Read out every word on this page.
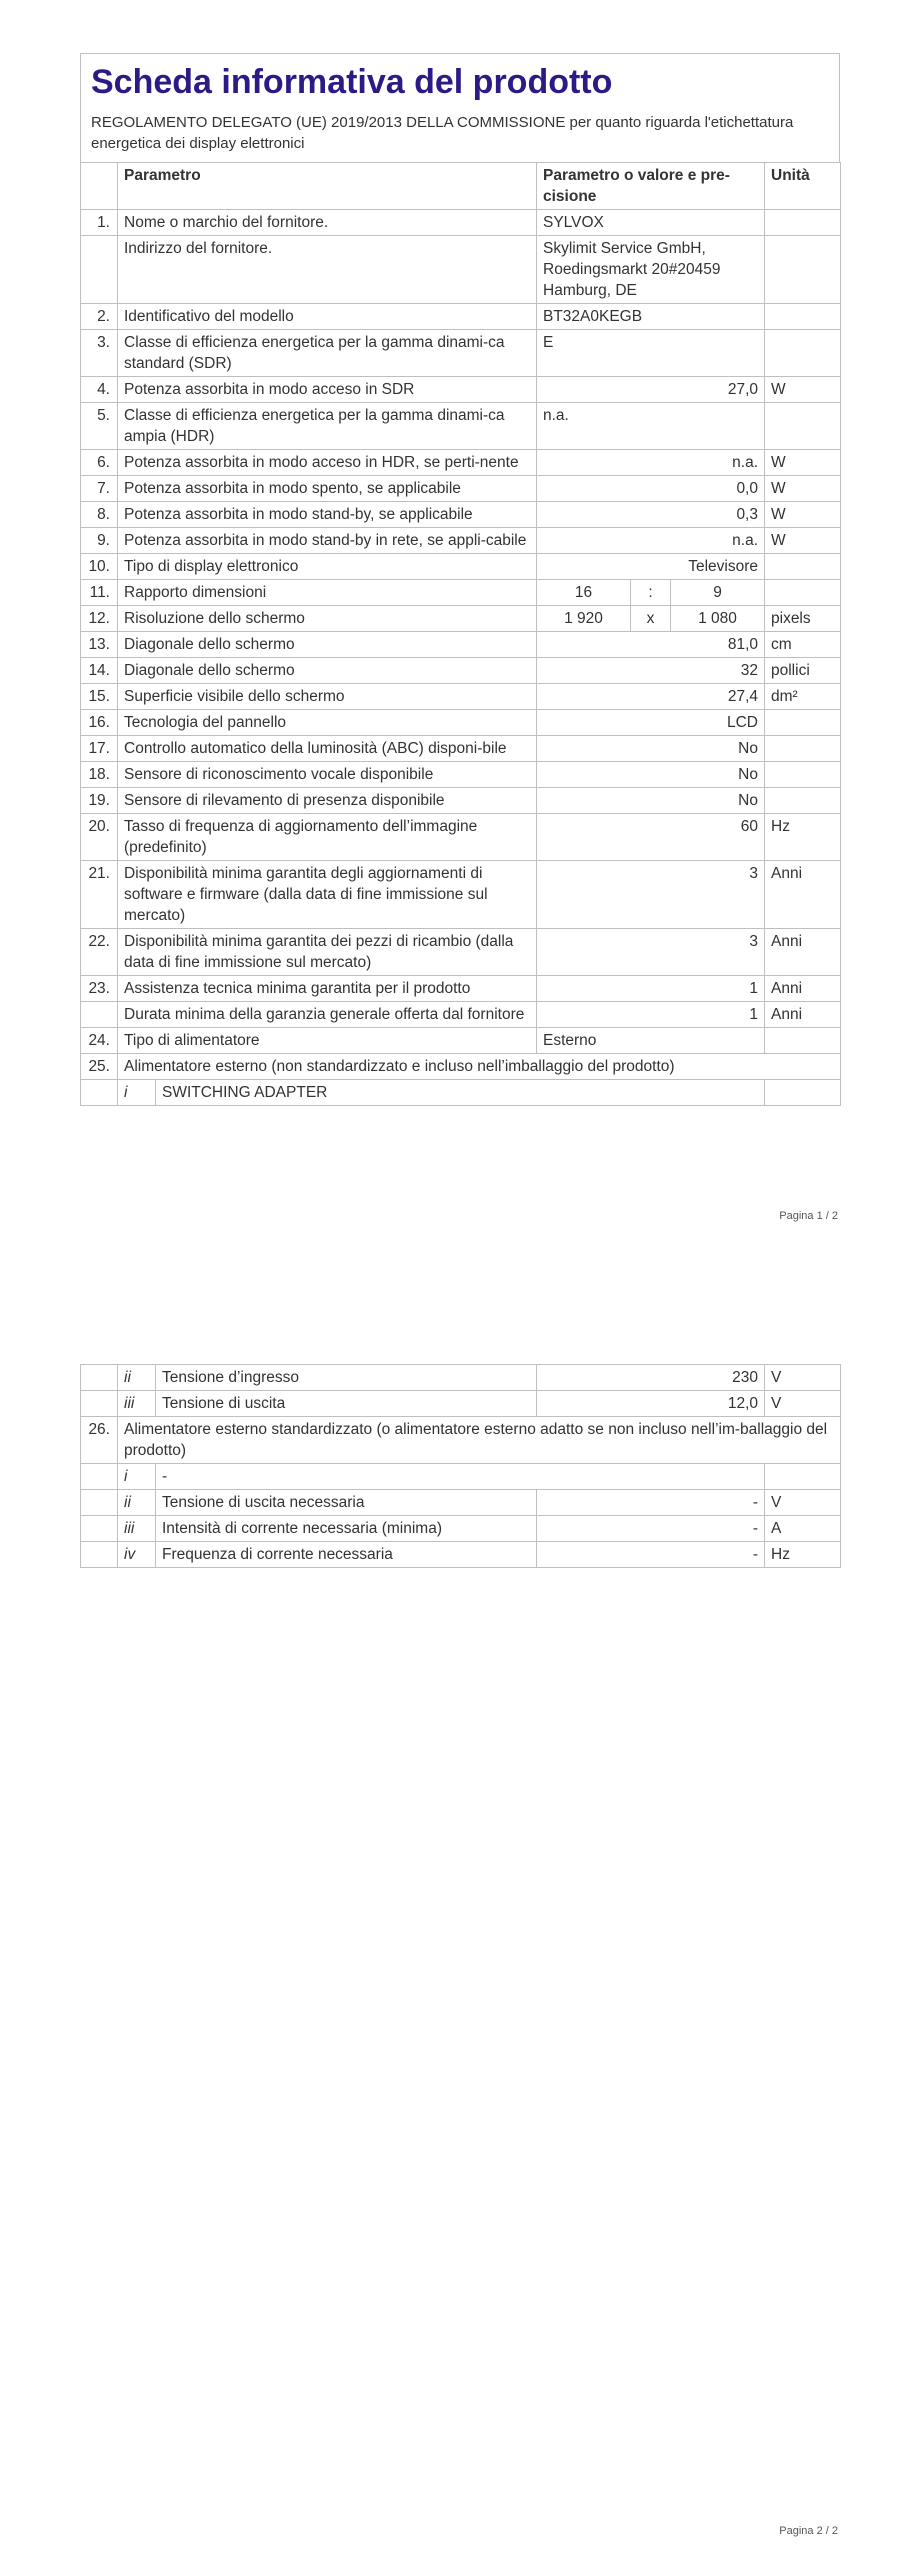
Scheda informativa del prodotto
REGOLAMENTO DELEGATO (UE) 2019/2013 DELLA COMMISSIONE per quanto riguarda l'etichettatura energetica dei display elettronici
	Parametro		Parametro o valore e pre-cisione			Unità
1.	Nome o marchio del fornitore.		SYLVOX			
	Indirizzo del fornitore.		Skylimit Service GmbH, Roedingsmarkt 20#20459 Hamburg, DE			
2.	Identificativo del modello		BT32A0KEGB			
3.	Classe di efficienza energetica per la gamma dinami-ca standard (SDR)		E			
4.	Potenza assorbita in modo acceso in SDR		27,0			W
5.	Classe di efficienza energetica per la gamma dinami-ca ampia (HDR)		n.a.			
6.	Potenza assorbita in modo acceso in HDR, se perti-nente		n.a.			W
7.	Potenza assorbita in modo spento, se applicabile		0,0			W
8.	Potenza assorbita in modo stand-by, se applicabile		0,3			W
9.	Potenza assorbita in modo stand-by in rete, se appli-cabile		n.a.			W
10.	Tipo di display elettronico		Televisore			
11.	Rapporto dimensioni		16	:	9	
12.	Risoluzione dello schermo		1 920	x	1 080	pixels
13.	Diagonale dello schermo		81,0			cm
14.	Diagonale dello schermo		32			pollici
15.	Superficie visibile dello schermo		27,4			dm²
16.	Tecnologia del pannello		LCD			
17.	Controllo automatico della luminosità (ABC) disponi-bile		No			
18.	Sensore di riconoscimento vocale disponibile		No			
19.	Sensore di rilevamento di presenza disponibile		No			
20.	Tasso di frequenza di aggiornamento dell’immagine (predefinito)		60			Hz
21.	Disponibilità minima garantita degli aggiornamenti di software e firmware (dalla data di fine immissione sul mercato)		3			Anni
22.	Disponibilità minima garantita dei pezzi di ricambio (dalla data di fine immissione sul mercato)		3			Anni
23.	Assistenza tecnica minima garantita per il prodotto		1			Anni
	Durata minima della garanzia generale offerta dal fornitore		1			Anni
24.	Tipo di alimentatore		Esterno			
25.	Alimentatore esterno (non standardizzato e incluso nell’imballaggio del prodotto)					
	i	SWITCHING ADAPTER				
Pagina 1 / 2
	ii	Tensione d’ingresso	230	V
	iii	Tensione di uscita	12,0	V
26.	Alimentatore esterno standardizzato (o alimentatore esterno adatto se non incluso nell’im-ballaggio del prodotto)			
	i	-		
	ii	Tensione di uscita necessaria	-	V
	iii	Intensità di corrente necessaria (minima)	-	A
	iv	Frequenza di corrente necessaria	-	Hz
Pagina 2 / 2
